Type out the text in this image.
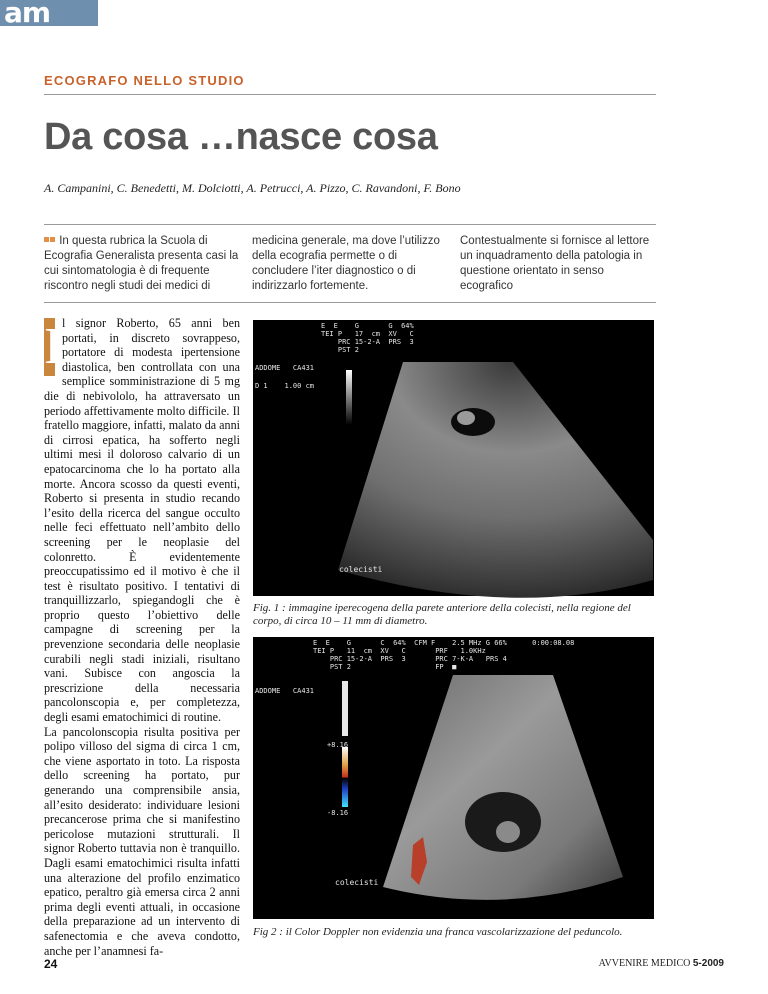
am
ECOGRAFO NELLO STUDIO
Da cosa …nasce cosa
A. Campanini, C. Benedetti, M. Dolciotti, A. Petrucci, A. Pizzo, C. Ravandoni, F. Bono
In questa rubrica la Scuola di Ecografia Generalista presenta casi la cui sintomatologia è di frequente riscontro negli studi dei medici di
medicina generale, ma dove l’utilizzo della ecografia permette o di concludere l’iter diagnostico o di indirizzarlo fortemente.
Contestualmente si fornisce al lettore un inquadramento della patologia in questione orientato in senso ecografico
I l signor Roberto, 65 anni ben portati, in discreto sovrappeso, portatore di modesta ipertensione diastolica, ben controllata con una semplice somministrazione di 5 mg die di nebivololo, ha attraversato un periodo affettivamente molto difficile. Il fratello maggiore, infatti, malato da anni di cirrosi epatica, ha sofferto negli ultimi mesi il doloroso calvario di un epatocarcinoma che lo ha portato alla morte. Ancora scosso da questi eventi, Roberto si presenta in studio recando l’esito della ricerca del sangue occulto nelle feci effettuato nell’ambito dello screening per le neoplasie del colonretto. È evidentemente preoccupatissimo ed il motivo è che il test è risultato positivo. I tentativi di tranquillizzarlo, spiegandogli che è proprio questo l’obiettivo delle campagne di screening per la prevenzione secondaria delle neoplasie curabili negli stadi iniziali, risultano vani. Subisce con angoscia la prescrizione della necessaria pancolonscopia e, per completezza, degli esami ematochimici di routine.
La pancolonscopia risulta positiva per polipo villoso del sigma di circa 1 cm, che viene asportato in toto. La risposta dello screening ha portato, pur generando una comprensibile ansia, all’esito desiderato: individuare lesioni precancerose prima che si manifestino pericolose mutazioni strutturali. Il signor Roberto tuttavia non è tranquillo. Dagli esami ematochimici risulta infatti una alterazione del profilo enzimatico epatico, peraltro già emersa circa 2 anni prima degli eventi attuali, in occasione della preparazione ad un intervento di safenectomia e che aveva condotto, anche per l’anamnesi fa-
E  E    G       G  64%
TEI P   17  cm  XV   C
PRC 15-2-A  PRS  3
PST 2
ADDOME   CA431
D 1    1.00 cm
colecisti
Fig. 1 : immagine iperecogena della parete anteriore della colecisti, nella regione del corpo, di circa 10 – 11 mm di diametro.
E  E    G       C  64%  CFM F    2.5 MHz G 66%      0:00:08.08
TEI P   11  cm  XV   C       PRF   1.0KHz
PRC 15-2-A  PRS  3       PRC 7-K-A   PRS 4
PST 2                    FP  ■
ADDOME   CA431
+8.16
-8.16
colecisti
Fig 2 : il Color Doppler non evidenzia una franca vascolarizzazione del peduncolo.
24	AVVENIRE MEDICO 5-2009
